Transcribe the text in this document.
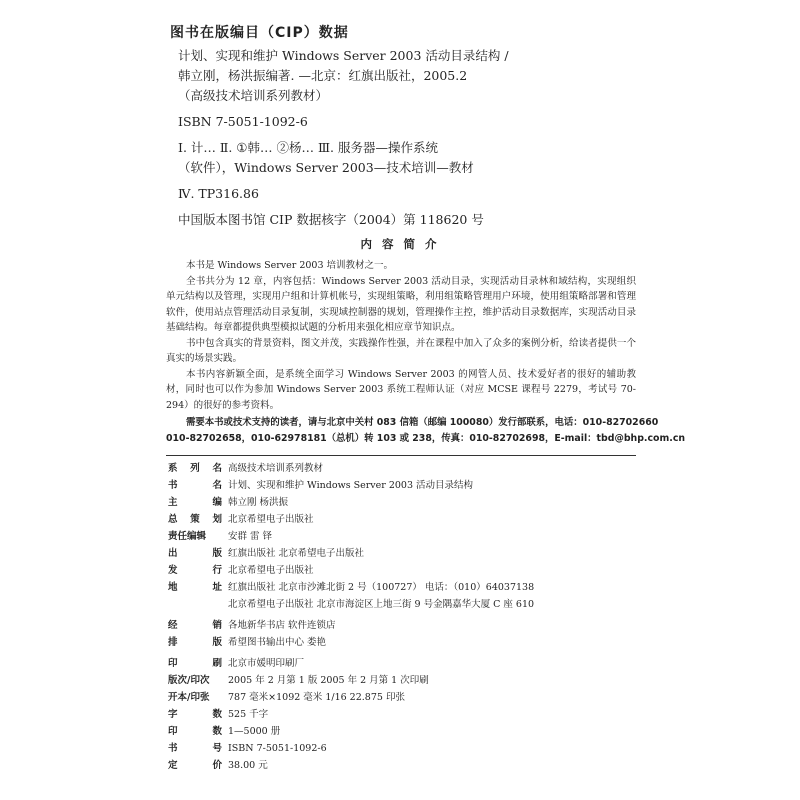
图书在版编目（CIP）数据

计划、实现和维护 Windows Server 2003 活动目录结构 /

韩立刚，杨洪振编著. —北京：红旗出版社，2005.2

（高级技术培训系列教材）

ISBN 7-5051-1092-6

Ⅰ. 计… Ⅱ. ①韩… ②杨… Ⅲ. 服务器—操作系统

（软件），Windows Server 2003—技术培训—教材

Ⅳ. TP316.86

中国版本图书馆 CIP 数据核字（2004）第 118620 号

内 容 简 介

本书是 Windows Server 2003 培训教材之一。

全书共分为 12 章，内容包括：Windows Server 2003 活动目录，实现活动目录林和域结构，实现组织单元结构以及管理，实现用户组和计算机帐号，实现组策略，利用组策略管理用户环境，使用组策略部署和管理软件，使用站点管理活动目录复制，实现域控制器的规划，管理操作主控，维护活动目录数据库，实现活动目录基础结构。每章都提供典型模拟试题的分析用来强化相应章节知识点。

书中包含真实的背景资料，图文并茂，实践操作性强，并在课程中加入了众多的案例分析，给读者提供一个真实的场景实践。

本书内容新颖全面，是系统全面学习 Windows Server 2003 的网管人员、技术爱好者的很好的辅助教材，同时也可以作为参加 Windows Server 2003 系统工程师认证（对应 MCSE 课程号 2279，考试号 70-294）的很好的参考资料。

需要本书或技术支持的读者，请与北京中关村 083 信箱（邮编 100080）发行部联系，电话：010-82702660

010-82702658，010-62978181（总机）转 103 或 238，传真：010-82702698，E-mail：tbd@bhp.com.cn

系 列 名 高级技术培训系列教材
书	名 计划、实现和维护 Windows Server 2003 活动目录结构
主	编 韩立刚 杨洪振
总 策 划 北京希望电子出版社
责任编辑 安群 雷 铎
出	版 红旗出版社 北京希望电子出版社
发	行 北京希望电子出版社
地	址 红旗出版社 北京市沙滩北街 2 号（100727） 电话：（010）64037138
北京希望电子出版社 北京市海淀区上地三街 9 号金隅嘉华大厦 C 座 610
经	销 各地新华书店 软件连锁店
排	版 希望图书输出中心 娄艳
印	刷 北京市媛明印刷厂
版次/印次 2005 年 2 月第 1 版 2005 年 2 月第 1 次印刷
开本/印张 787 毫米×1092 毫米 1/16 22.875 印张
字	数 525 千字
印	数 1—5000 册
书	号 ISBN 7-5051-1092-6
定	价 38.00 元
